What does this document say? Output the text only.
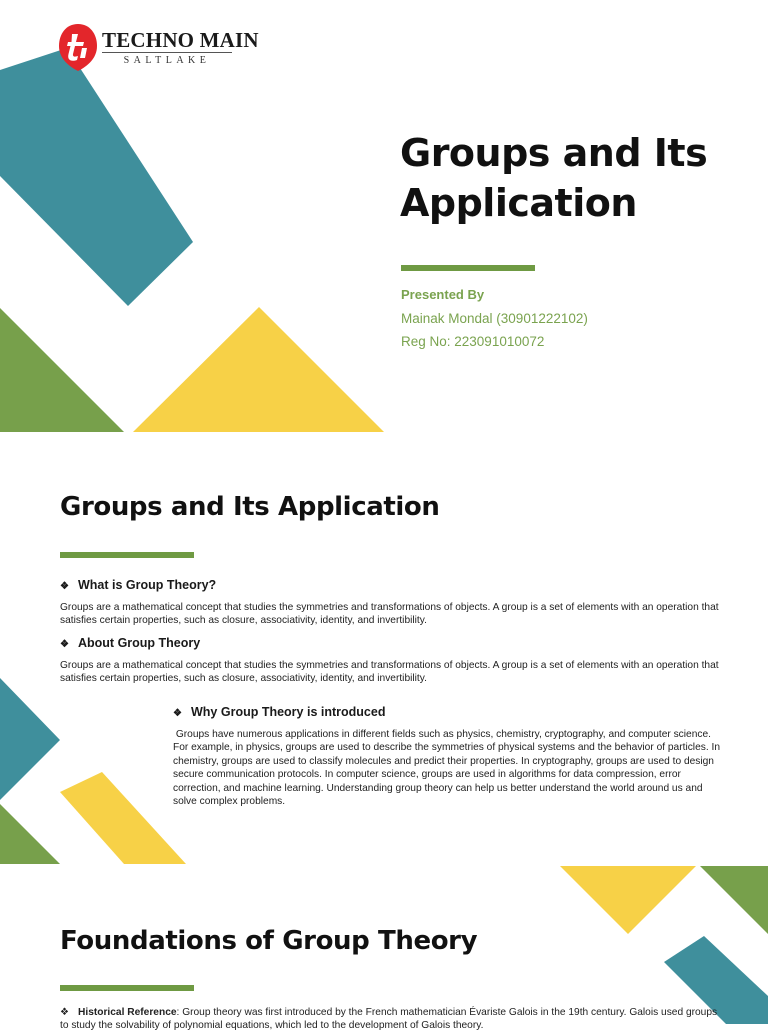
TECHNO MAIN
SALTLAKE
Groups and Its
Application
Presented By
Mainak Mondal (30901222102)
Reg No: 223091010072
Groups and Its Application
❖ What is Group Theory?

Groups are a mathematical concept that studies the symmetries and transformations of objects. A group is a set of elements with an operation that satisfies certain properties, such as closure, associativity, identity, and invertibility.

❖ About Group Theory

Groups are a mathematical concept that studies the symmetries and transformations of objects. A group is a set of elements with an operation that satisfies certain properties, such as closure, associativity, identity, and invertibility.

❖ Why Group Theory is introduced

Groups have numerous applications in different fields such as physics, chemistry, cryptography, and computer science. For example, in physics, groups are used to describe the symmetries of physical systems and the behavior of particles. In chemistry, groups are used to classify molecules and predict their properties. In cryptography, groups are used to design secure communication protocols. In computer science, groups are used in algorithms for data compression, error correction, and machine learning. Understanding group theory can help us better understand the world around us and solve complex problems.

Foundations of Group Theory

❖ Historical Reference: Group theory was first introduced by the French mathematician Évariste Galois in the 19th century. Galois used groups to study the solvability of polynomial equations, which led to the development of Galois theory.
